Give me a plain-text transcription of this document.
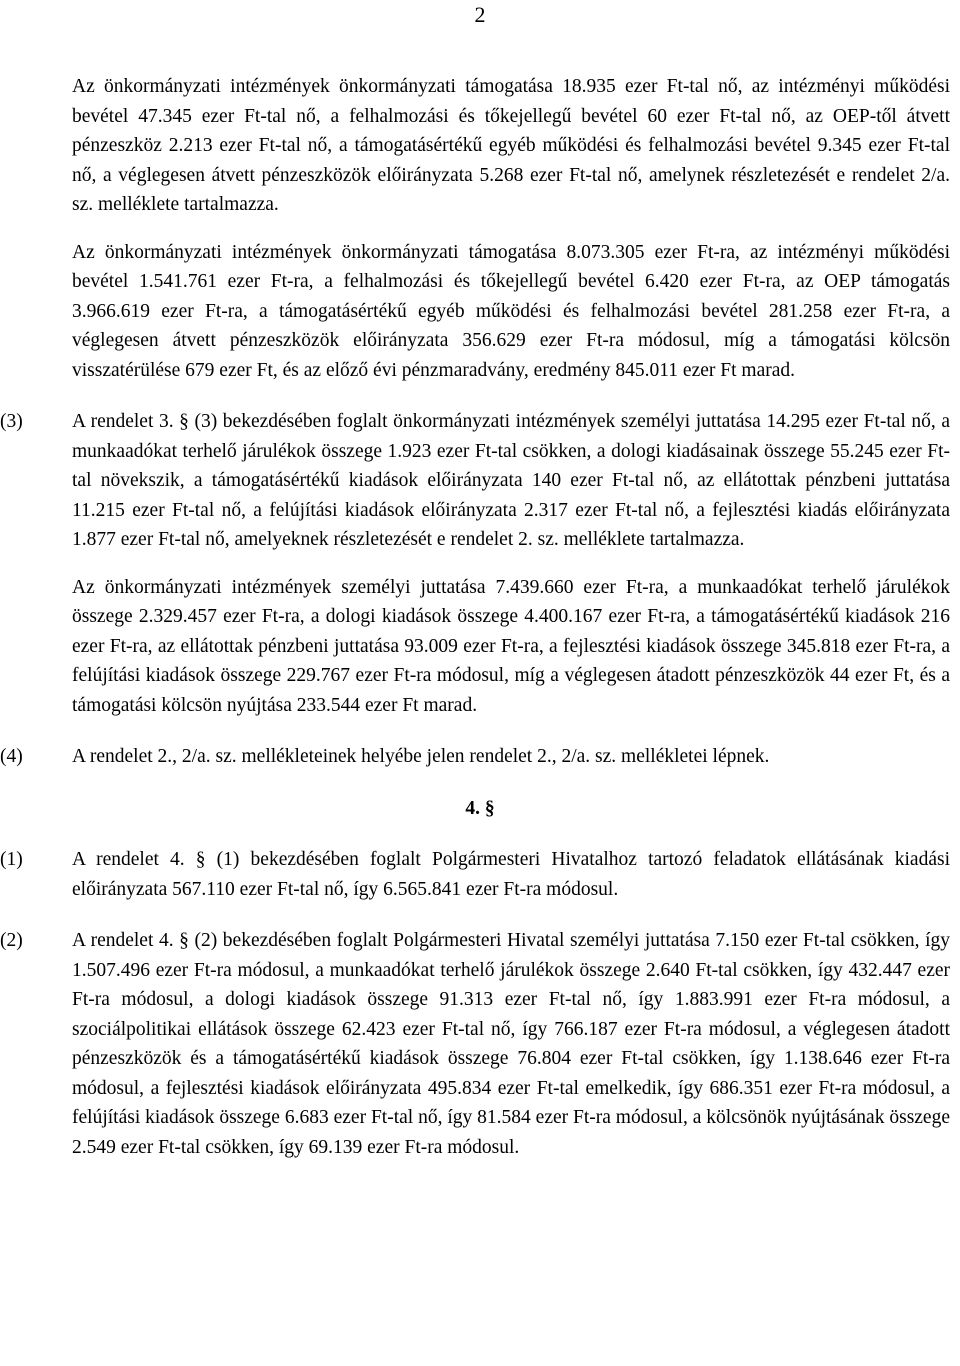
2
Az önkormányzati intézmények önkormányzati támogatása 18.935 ezer Ft-tal nő, az intézményi működési bevétel 47.345 ezer Ft-tal nő, a felhalmozási és tőkejellegű bevétel 60 ezer Ft-tal nő, az OEP-től átvett pénzeszköz 2.213 ezer Ft-tal nő, a támogatásértékű egyéb működési és felhalmozási bevétel 9.345 ezer Ft-tal nő, a véglegesen átvett pénzeszközök előirányzata 5.268 ezer Ft-tal nő, amelynek részletezését e rendelet 2/a. sz. melléklete tartalmazza.
Az önkormányzati intézmények önkormányzati támogatása 8.073.305 ezer Ft-ra, az intézményi működési bevétel 1.541.761 ezer Ft-ra, a felhalmozási és tőkejellegű bevétel 6.420 ezer Ft-ra, az OEP támogatás 3.966.619 ezer Ft-ra, a támogatásértékű egyéb működési és felhalmozási bevétel 281.258 ezer Ft-ra, a véglegesen átvett pénzeszközök előirányzata 356.629 ezer Ft-ra módosul, míg a támogatási kölcsön visszatérülése 679 ezer Ft, és az előző évi pénzmaradvány, eredmény 845.011 ezer Ft marad.
(3)	A rendelet 3. § (3) bekezdésében foglalt önkormányzati intézmények személyi juttatása 14.295 ezer Ft-tal nő, a munkaadókat terhelő járulékok összege 1.923 ezer Ft-tal csökken, a dologi kiadásainak összege 55.245 ezer Ft-tal növekszik, a támogatásértékű kiadások előirányzata 140 ezer Ft-tal nő, az ellátottak pénzbeni juttatása 11.215 ezer Ft-tal nő, a felújítási kiadások előirányzata 2.317 ezer Ft-tal nő, a fejlesztési kiadás előirányzata 1.877 ezer Ft-tal nő, amelyeknek részletezését e rendelet 2. sz. melléklete tartalmazza.
Az önkormányzati intézmények személyi juttatása 7.439.660 ezer Ft-ra, a munkaadókat terhelő járulékok összege 2.329.457 ezer Ft-ra, a dologi kiadások összege 4.400.167 ezer Ft-ra, a támogatásértékű kiadások 216 ezer Ft-ra, az ellátottak pénzbeni juttatása 93.009 ezer Ft-ra, a fejlesztési kiadások összege 345.818 ezer Ft-ra, a felújítási kiadások összege 229.767 ezer Ft-ra módosul, míg a véglegesen átadott pénzeszközök 44 ezer Ft, és a támogatási kölcsön nyújtása 233.544 ezer Ft marad.
(4)	A rendelet 2., 2/a. sz. mellékleteinek helyébe jelen rendelet 2., 2/a. sz. mellékletei lépnek.
4. §
(1)	A rendelet 4. § (1) bekezdésében foglalt Polgármesteri Hivatalhoz tartozó feladatok ellátásának kiadási előirányzata 567.110 ezer Ft-tal nő, így 6.565.841 ezer Ft-ra módosul.
(2)	A rendelet 4. § (2) bekezdésében foglalt Polgármesteri Hivatal személyi juttatása 7.150 ezer Ft-tal csökken, így 1.507.496 ezer Ft-ra módosul, a munkaadókat terhelő járulékok összege 2.640 Ft-tal csökken, így 432.447 ezer Ft-ra módosul, a dologi kiadások összege 91.313 ezer Ft-tal nő, így 1.883.991 ezer Ft-ra módosul, a szociálpolitikai ellátások összege 62.423 ezer Ft-tal nő, így 766.187 ezer Ft-ra módosul, a véglegesen átadott pénzeszközök és a támogatásértékű kiadások összege 76.804 ezer Ft-tal csökken, így 1.138.646 ezer Ft-ra módosul, a fejlesztési kiadások előirányzata 495.834 ezer Ft-tal emelkedik, így 686.351 ezer Ft-ra módosul, a felújítási kiadások összege 6.683 ezer Ft-tal nő, így 81.584 ezer Ft-ra módosul, a kölcsönök nyújtásának összege 2.549 ezer Ft-tal csökken, így 69.139 ezer Ft-ra módosul.
